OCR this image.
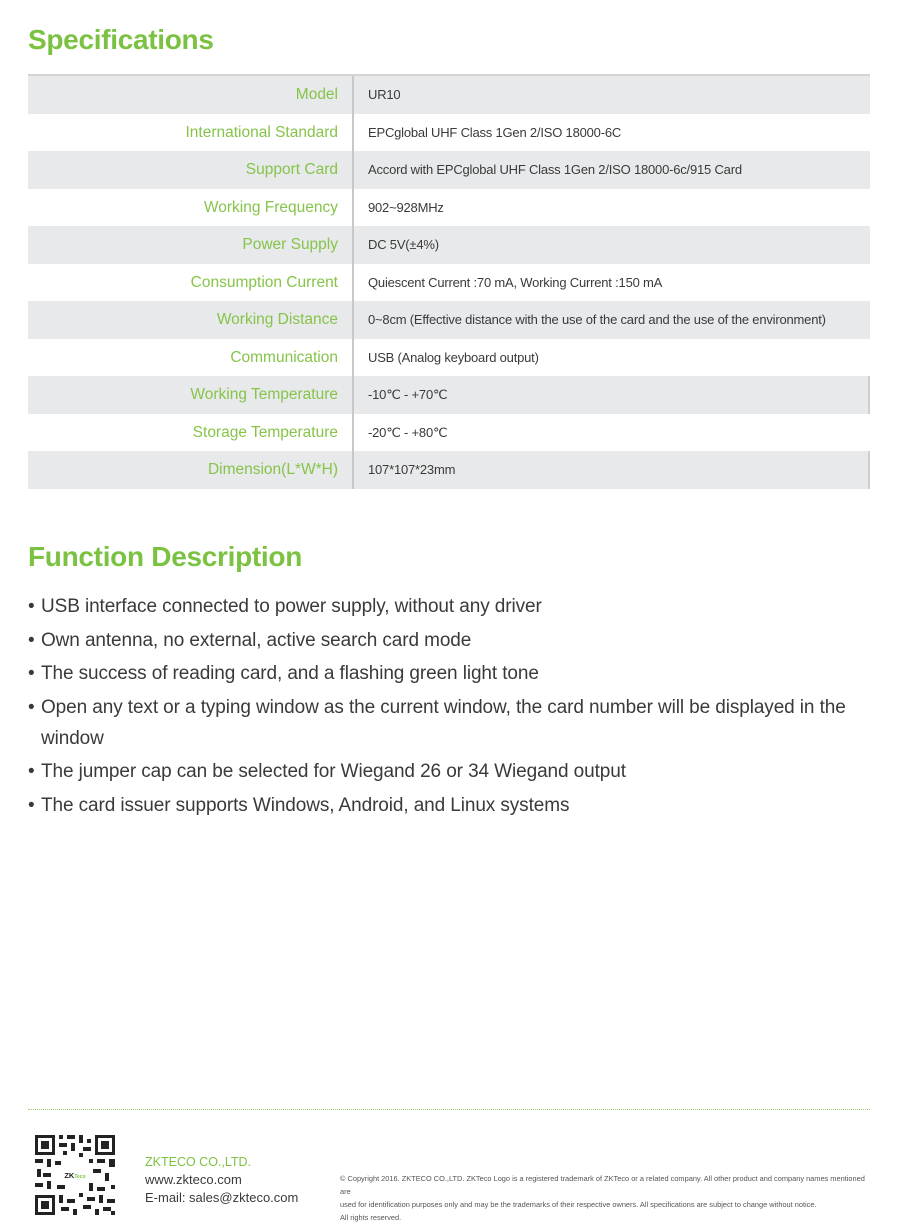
Specifications
Model	UR10
International Standard	EPCglobal UHF Class 1Gen 2/ISO 18000-6C
Support Card	Accord with EPCglobal UHF Class 1Gen 2/ISO 18000-6c/915 Card
Working Frequency	902~928MHz
Power Supply	DC 5V(±4%)
Consumption Current	Quiescent Current :70 mA, Working Current :150 mA
Working Distance	0~8cm (Effective distance with the use of the card and the use of the environment)
Communication	USB (Analog keyboard output)
Working Temperature	-10℃ - +70℃
Storage Temperature	-20℃ - +80℃
Dimension(L*W*H)	107*107*23mm
Function Description
• USB interface connected to power supply, without any driver
• Own antenna, no external, active search card mode
• The success of reading card, and a flashing green light tone
• Open any text or a typing window as the current window, the card number will be displayed in the window
• The jumper cap can be selected for Wiegand 26 or 34 Wiegand output
• The card issuer supports Windows, Android, and Linux systems
ZKTeco
ZKTECO CO.,LTD.
www.zkteco.com
E-mail: sales@zkteco.com
© Copyright 2016. ZKTECO CO.,LTD. ZKTeco Logo is a registered trademark of ZKTeco or a related company. All other product and company names mentioned are
used for identification purposes only and may be the trademarks of their respective owners. All specifications are subject to change without notice.
All rights reserved.
